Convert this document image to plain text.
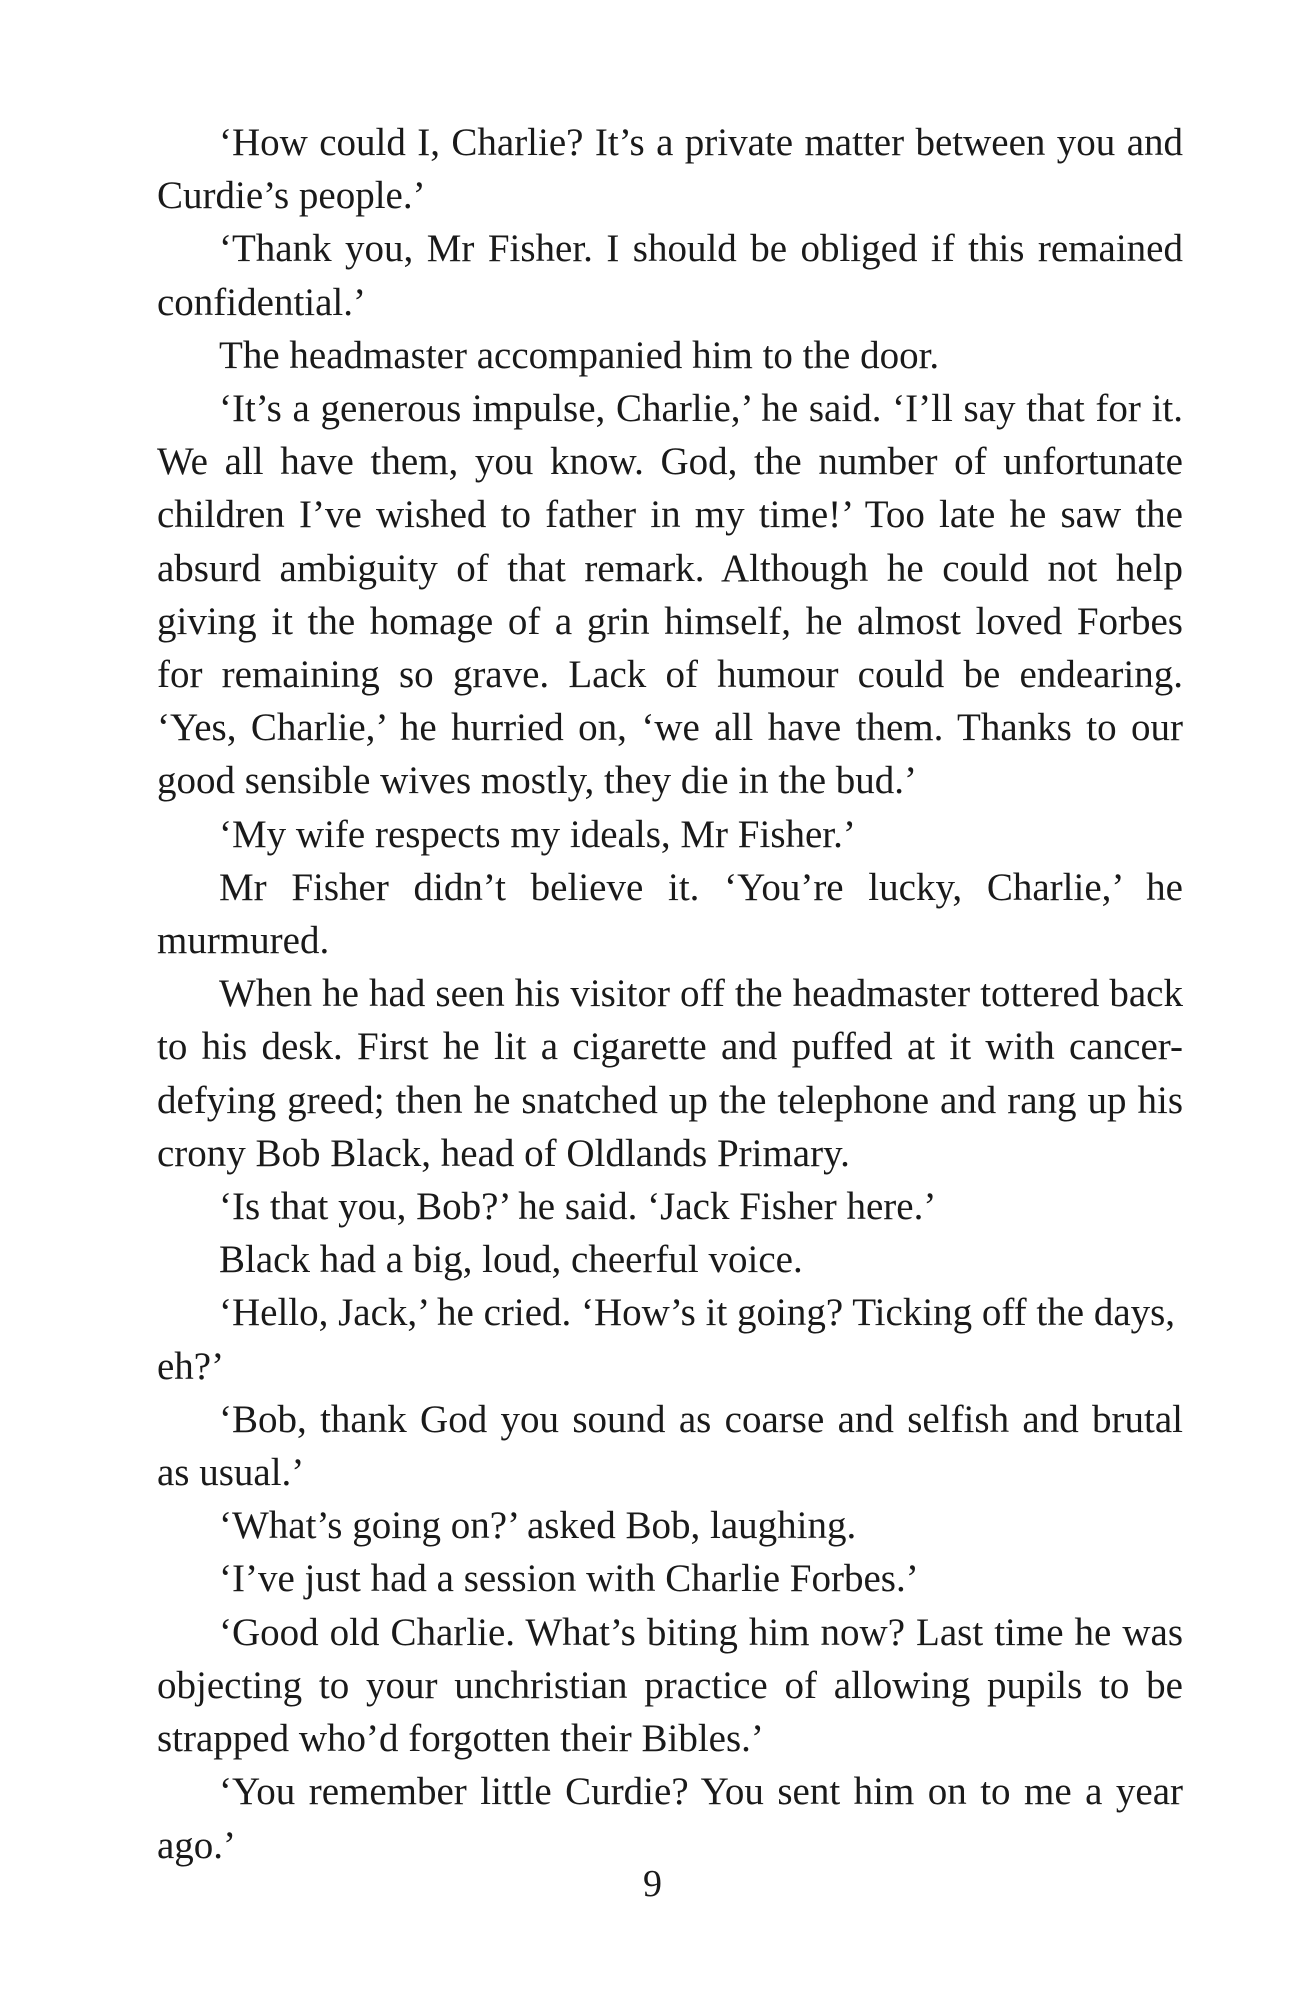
‘How could I, Charlie? It’s a private matter between you and Curdie’s people.’

‘Thank you, Mr Fisher. I should be obliged if this remained confidential.’

The headmaster accompanied him to the door.

‘It’s a generous impulse, Charlie,’ he said. ‘I’ll say that for it. We all have them, you know. God, the number of unfortunate children I’ve wished to father in my time!’ Too late he saw the absurd ambiguity of that remark. Although he could not help giving it the homage of a grin himself, he almost loved Forbes for remaining so grave. Lack of humour could be endearing. ‘Yes, Charlie,’ he hurried on, ‘we all have them. Thanks to our good sensible wives mostly, they die in the bud.’

‘My wife respects my ideals, Mr Fisher.’

Mr Fisher didn’t believe it. ‘You’re lucky, Charlie,’ he murmured.

When he had seen his visitor off the headmaster tottered back to his desk. First he lit a cigarette and puffed at it with cancer-defying greed; then he snatched up the telephone and rang up his crony Bob Black, head of Oldlands Primary.

‘Is that you, Bob?’ he said. ‘Jack Fisher here.’

Black had a big, loud, cheerful voice.

‘Hello, Jack,’ he cried. ‘How’s it going? Ticking off the days, eh?’

‘Bob, thank God you sound as coarse and selfish and brutal as usual.’

‘What’s going on?’ asked Bob, laughing.

‘I’ve just had a session with Charlie Forbes.’

‘Good old Charlie. What’s biting him now? Last time he was objecting to your unchristian practice of allowing pupils to be strapped who’d forgotten their Bibles.’

‘You remember little Curdie? You sent him on to me a year ago.’

9
